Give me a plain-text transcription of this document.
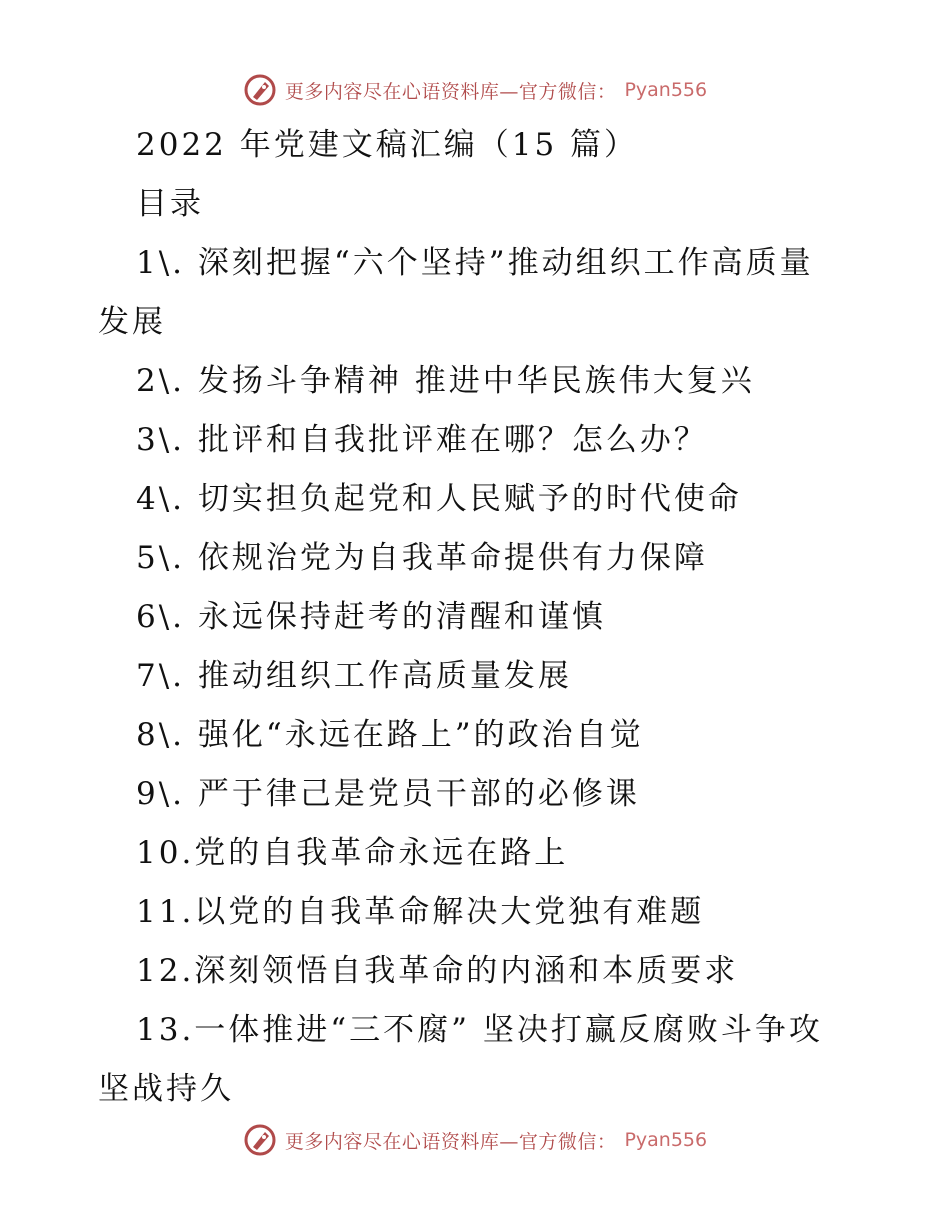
更多内容尽在心语资料库—官方微信： Pyan556
2022 年党建文稿汇编（15 篇）
目录
1\. 深刻把握“六个坚持”推动组织工作高质量
发展
2\. 发扬斗争精神 推进中华民族伟大复兴
3\. 批评和自我批评难在哪？怎么办？
4\. 切实担负起党和人民赋予的时代使命
5\. 依规治党为自我革命提供有力保障
6\. 永远保持赶考的清醒和谨慎
7\. 推动组织工作高质量发展
8\. 强化“永远在路上”的政治自觉
9\. 严于律己是党员干部的必修课
10.党的自我革命永远在路上
11.以党的自我革命解决大党独有难题
12.深刻领悟自我革命的内涵和本质要求
13.一体推进“三不腐” 坚决打赢反腐败斗争攻
坚战持久
更多内容尽在心语资料库—官方微信： Pyan556
